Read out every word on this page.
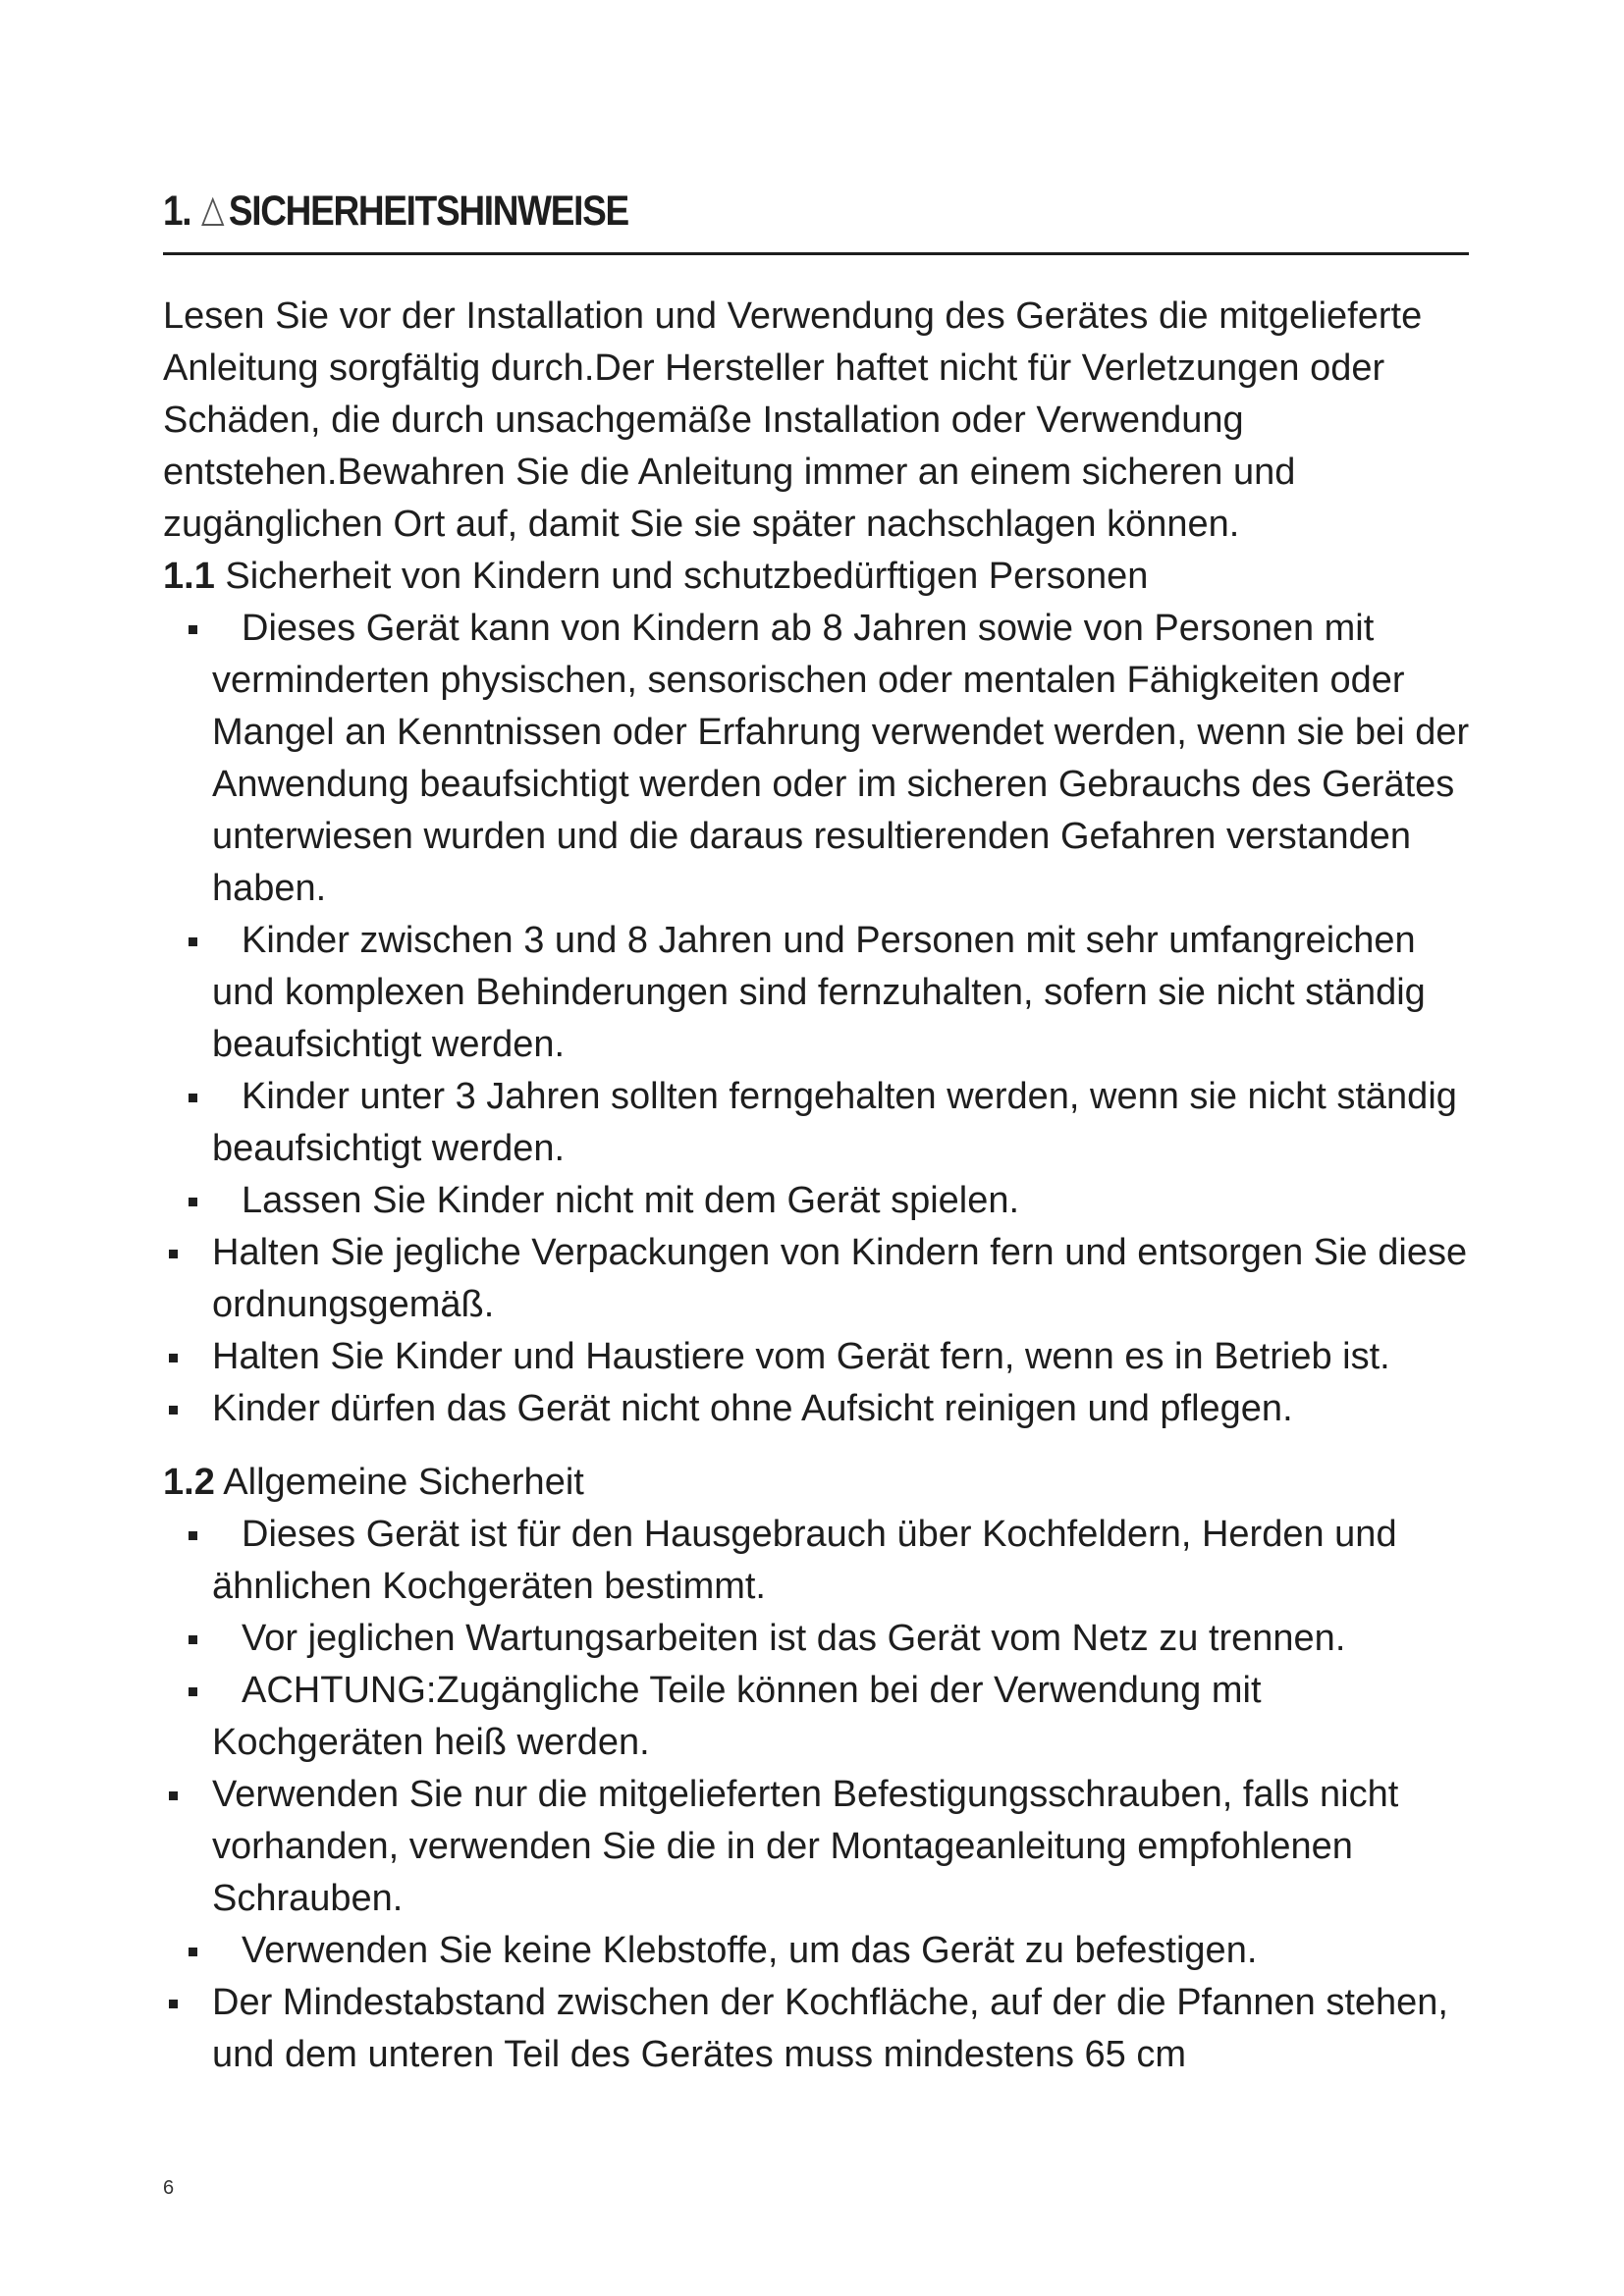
1. SICHERHEITSHINWEISE

Lesen Sie vor der Installation und Verwendung des Gerätes die mitgelieferte Anleitung sorgfältig durch.Der Hersteller haftet nicht für Verletzungen oder Schäden, die durch unsachgemäße Installation oder Verwendung entstehen.Bewahren Sie die Anleitung immer an einem sicheren und zugänglichen Ort auf, damit Sie sie später nachschlagen können.

1.1 Sicherheit von Kindern und schutzbedürftigen Personen

Dieses Gerät kann von Kindern ab 8 Jahren sowie von Personen mit verminderten physischen, sensorischen oder mentalen Fähigkeiten oder Mangel an Kenntnissen oder Erfahrung verwendet werden, wenn sie bei der Anwendung beaufsichtigt werden oder im sicheren Gebrauchs des Gerätes unterwiesen wurden und die daraus resultierenden Gefahren verstanden haben.

Kinder zwischen 3 und 8 Jahren und Personen mit sehr umfangreichen und komplexen Behinderungen sind fernzuhalten, sofern sie nicht ständig beaufsichtigt werden.

Kinder unter 3 Jahren sollten ferngehalten werden, wenn sie nicht ständig beaufsichtigt werden.

Lassen Sie Kinder nicht mit dem Gerät spielen.

Halten Sie jegliche Verpackungen von Kindern fern und entsorgen Sie diese ordnungsgemäß.

Halten Sie Kinder und Haustiere vom Gerät fern, wenn es in Betrieb ist.

Kinder dürfen das Gerät nicht ohne Aufsicht reinigen und pflegen.

1.2 Allgemeine Sicherheit

Dieses Gerät ist für den Hausgebrauch über Kochfeldern, Herden und ähnlichen Kochgeräten bestimmt.

Vor jeglichen Wartungsarbeiten ist das Gerät vom Netz zu trennen.

ACHTUNG:Zugängliche Teile können bei der Verwendung mit Kochgeräten heiß werden.

Verwenden Sie nur die mitgelieferten Befestigungsschrauben, falls nicht vorhanden, verwenden Sie die in der Montageanleitung empfohlenen Schrauben.

Verwenden Sie keine Klebstoffe, um das Gerät zu befestigen.

Der Mindestabstand zwischen der Kochfläche, auf der die Pfannen stehen, und dem unteren Teil des Gerätes muss mindestens 65 cm

6
